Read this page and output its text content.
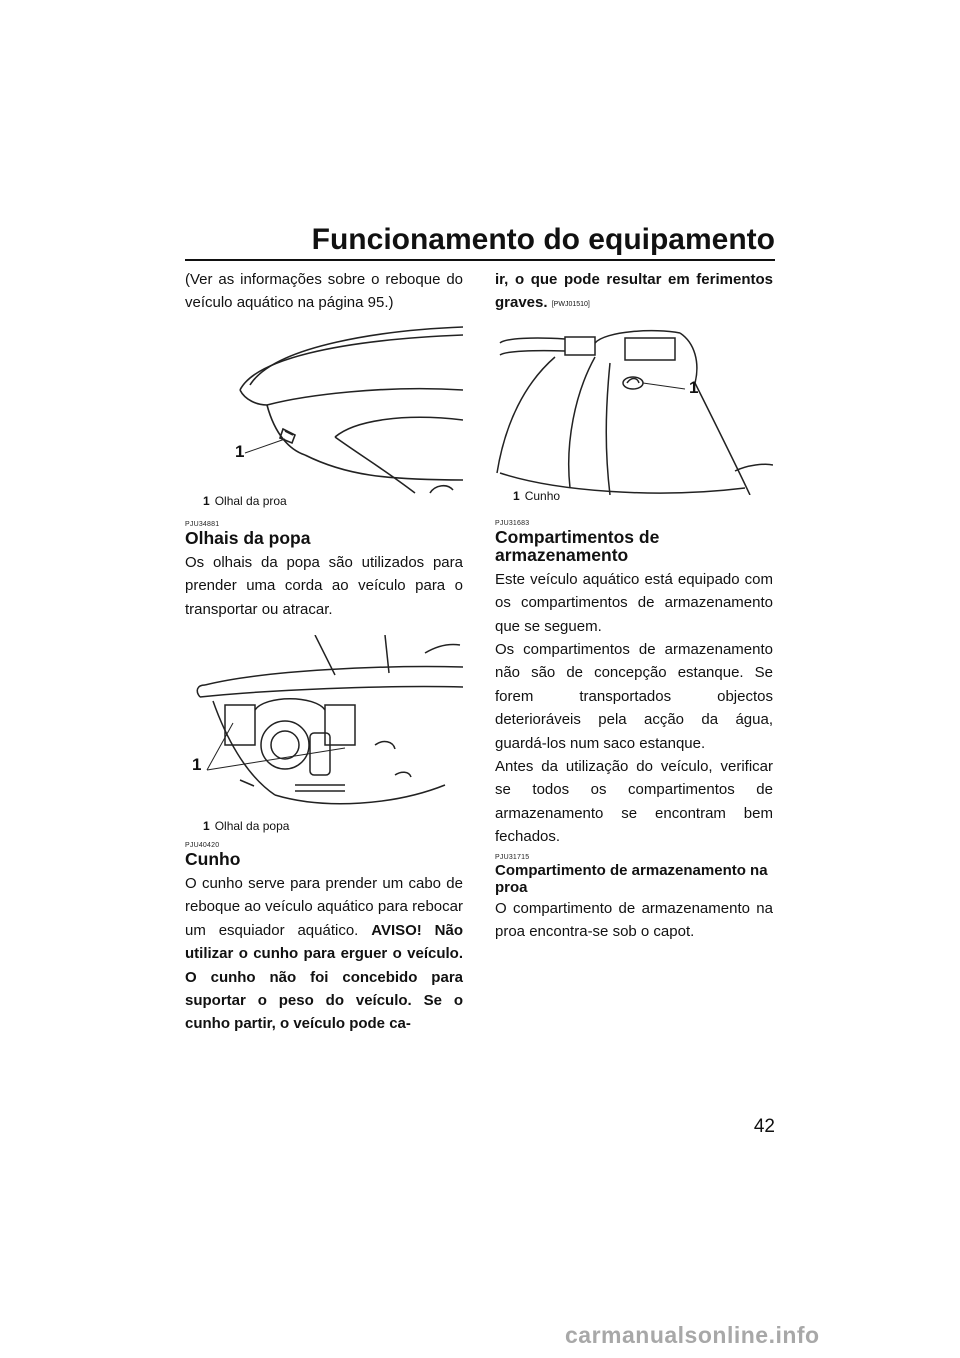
Funcionamento do equipamento

(Ver as informações sobre o reboque do veículo aquático na página 95.)

1
1 Olhal da proa
PJU34881
Olhais da popa

Os olhais da popa são utilizados para prender uma corda ao veículo para o transportar ou atracar.

1
1 Olhal da popa
PJU40420
Cunho

O cunho serve para prender um cabo de reboque ao veículo aquático para rebocar um esquiador aquático. AVISO! Não utilizar o cunho para erguer o veículo. O cunho não foi concebido para suportar o peso do veículo. Se o cunho partir, o veículo pode ca-

ir, o que pode resultar em ferimentos graves. [PWJ01510]

1
1 Cunho
PJU31683
Compartimentos de armazenamento

Este veículo aquático está equipado com os compartimentos de armazenamento que se seguem.

Os compartimentos de armazenamento não são de concepção estanque. Se forem transportados objectos deterioráveis pela acção da água, guardá-los num saco estanque.

Antes da utilização do veículo, verificar se todos os compartimentos de armazenamento se encontram bem fechados.

PJU31715
Compartimento de armazenamento na proa

O compartimento de armazenamento na proa encontra-se sob o capot.

42
carmanualsonline.info
